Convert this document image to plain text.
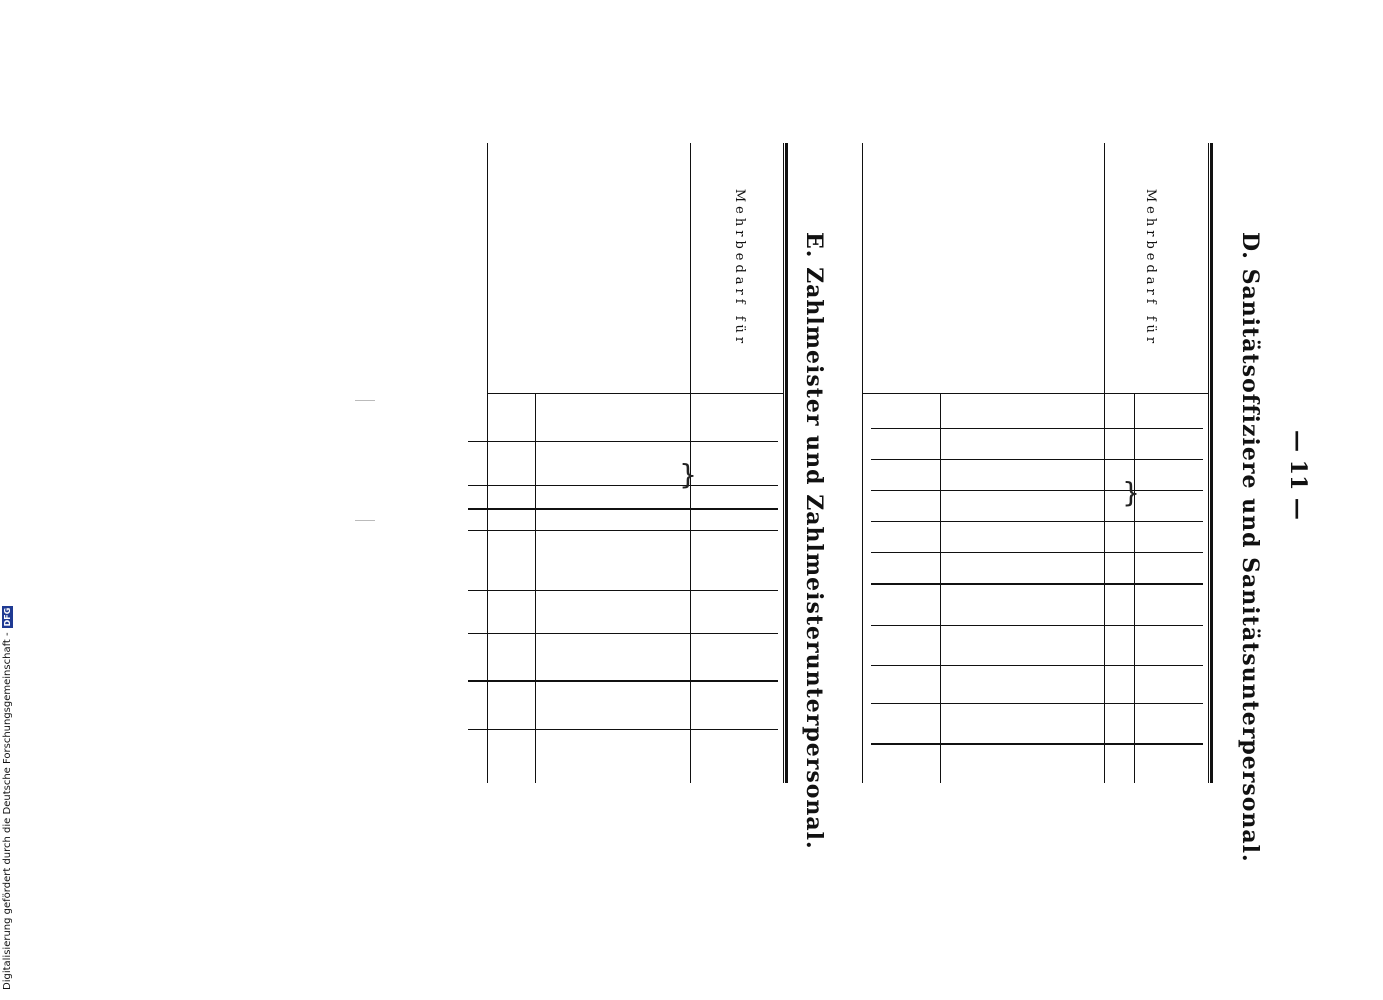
— 11 —
D. Sanitätsoffiziere und Sanitätsunterpersonal.
Mehrbedarf für
E. Zahlmeister und Zahlmeisterunterpersonal.
Mehrbedarf für
}
}
Digitalisierung gefördert durch die Deutsche Forschungsgemeinschaft -
DFG
